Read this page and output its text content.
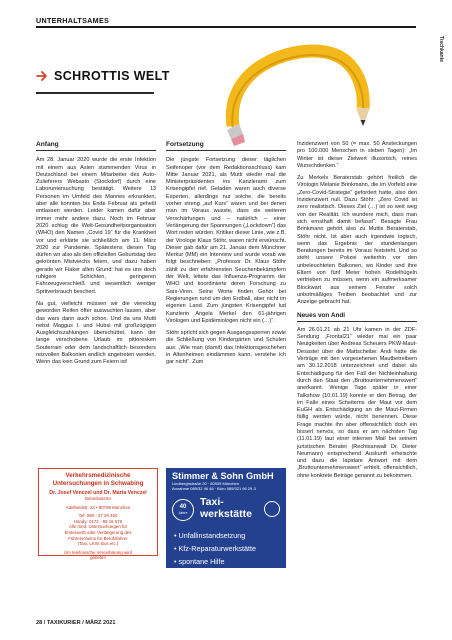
UNTERHALTSAMES
Tischkante
SCHROTTIS WELT
Anfang

Am 28. Januar 2020 wurde die erste Infektion mit einem aus Asien stammenden Virus in Deutschland bei einem Mitarbeiter des Auto-Zulieferers Webasto (Stockdorf) durch eine Laboruntersuchung bestätigt. Weitere 13 Personen im Umfeld des Mannes erkrankten, aber alle konnten bis Ende Februar als geheilt entlassen werden. Leider kamen dafür aber immer mehr andere dazu. Noch im Februar 2020 schlug die Welt-Gesundheitsorganisation (WHO) den Namen „Covid 19“ für die Krankheit vor und erklärte sie schließlich am 11. März 2020 zur Pandemie. Spätestens diesen Tag dürfen wir also als den offiziellen Geburtstag des gekrönten Mistviechs feiern, und dazu haben gerade wir Fiaker allen Grund: hat es uns doch ruhigere Schichten, geringeren Fahrzeugverschleiß und wesentlich weniger Spritverbrauch beschert.

Na gut, vielleicht müssen wir die viereckig geworden Reifen öfter auswuchten lassen, aber das wars dann auch schon. Und da uns Mutti nebst Maggus I. und Hubsi mit großzügigen Ausgleichszahlungen überschüttet, kann der lange verschobene Urlaub im pittoresken Souterrain oder dem landschaftlich besonders reizvollen Balkonien endlich angetreten werden. Wenn das kein Grund zum Feiern ist!

Fortsetzung

Die jüngste Fortsetzung dieser täglichen Seifenoper (vor dem Redaktionsschluss) kam Mitte Januar 2021, als Mutti wieder mal die Ministerpräsidenten ins Kanzleramt zum Krisengipfel rief. Geladen waren auch diverse Experten, allerdings nur solche, die bereits vorher streng „auf Kurs“ waren und bei denen man im Voraus wusste, dass sie weiteren Verschärfungen und – natürlich – einer Verlängerung der Spannungen („Lockdown“) das Wort reden würden. Kritiker dieser Linie, wie z.B. der Virologe Klaus Stöhr, waren nicht erwünscht. Dieser gab dafür am 21. Januar dem Münchner Merkur (MM) ein Interview und wurde vorab wie folgt beschrieben: „Professor Dr. Klaus Stöhr zählt zu den erfahrensten Seuchenbekämpfern der Welt, leitete das Influenza-Programm der WHO und koordinierte deren Forschung zu Sars-Viren. Seine Worte finden Gehör bei Regierungen rund um den Erdball, aber nicht im eigenen Land. Zum jüngsten Krisengipfel lud Kanzlerin Angela Merkel den 61-jährigen Virologen und Epidemiologen nicht ein (…)“.

Stöhr spricht sich gegen Ausgangssperren sowie die Schließung von Kindergärten und Schulen aus: „Wie man (damit) das Infektionsgeschehen in Altenheimen eindämmen kann, verstehe ich gar nicht“. Zum

Inzidenzwert von 50 (= max. 50 Ansteckungen pro 100.000 Menschen in sieben Tagen): „Im Winter ist dieser Zielwert illusorisch, reines Wunschdenken.“

Zu Merkels Beraterstab gehört freilich die Virologin Melanie Brinkmann, die im Vorfeld eine „Zero-Covid-Strategie“ gefordert hatte, also den Inzidenzwert null. Dazu Stöhr: „Zero Covid ist zero realistisch. Dieses Ziel (…) ist so weit weg von der Realität. Ich wundere mich, dass man sich ernsthaft damit befasst“. Besagte Frau Brinkmann gehört also zu Muttis Beraterstab, Stöhr nicht. Ist aber auch irgendwie logisch, wenn das Ergebnis der stundenlangen Beratungen bereits im Voraus feststeht. Und so steht unsere Polizei weiterhin vor den unbeleuchteten Balkonen, wo Kinder und ihre Eltern von fünf Meter hohen Rodelhügeln vertrieben zu müssen, wenn ein aufmerksamer Blockwart aus seinem Fenster solch unbotmäßiges Treiben beobachtet und zur Anzeige gebracht hat.

Neues von Andi

Am 26.01.21 ab 21 Uhr kamen in der ZDF-Sendung „Frontal21“ wieder mal ein paar Neuigkeiten über Andreas Scheuers PKW-Maut-Desaster über die Mattscheibe: Andi hatte die Verträge mit den vorgesehenen Mautbetreibern am 30.12.2018 unterzeichnet und dabei als Entschädigung für den Fall der Nichteinhaltung durch den Staat den „Bruttounternehmenswert“ anerkannt. Wenige Tage später in einer Talkshow (10.01.19) konnte er den Betrag, der im Falle eines Scheiterns der Maut vor dem EuGH als Entschädigung an die Maut-Firmen fällig werden würde, nicht benennen. Diese Frage machte ihn aber offensichtlich doch ein bisserl nervös, so dass er am nächsten Tag (11.01.19) laut einer internen Mail bei seinem juristischen Berater (Rechtsanwalt Dr. Dieter Neumann) entsprechend Auskunft erheischte und dazu die lapidare Antwort mit dem „Bruttounternehmenswert“ erhielt, offensichtlich, ohne konkrete Beträge genannt zu bekommen.

Verkehrsmedizinische
Untersuchungen in Schwabing
Dr. Josef Venczel und Dr. Marta Venczel
Betriebsärzte
Adelheidstr. 23 • 80798 München
Tel: 089 - 27 29 460
Handy: 0172 - 89 16 575
Alle med. Untersuchungen für
Ersterwerb oder Verlängerung des
Führerscheins für Berufsfahrer
(Taxi, LKW, Bus etc.)
Um telefonische Vereinbarung wird
gebeten
Stimmer & Sohn GmbH
Lindberghstraße 20 · 80939 München
Annahme 089/32 46 48 · Büro 089/321 96 29-3
40
Jahre
Taxi-
werkstätte
• Unfallinstandsetzung
• Kfz-Reparaturwerkstätte
• spontane Hilfe
28 / TAXIKURIER / MÄRZ 2021
